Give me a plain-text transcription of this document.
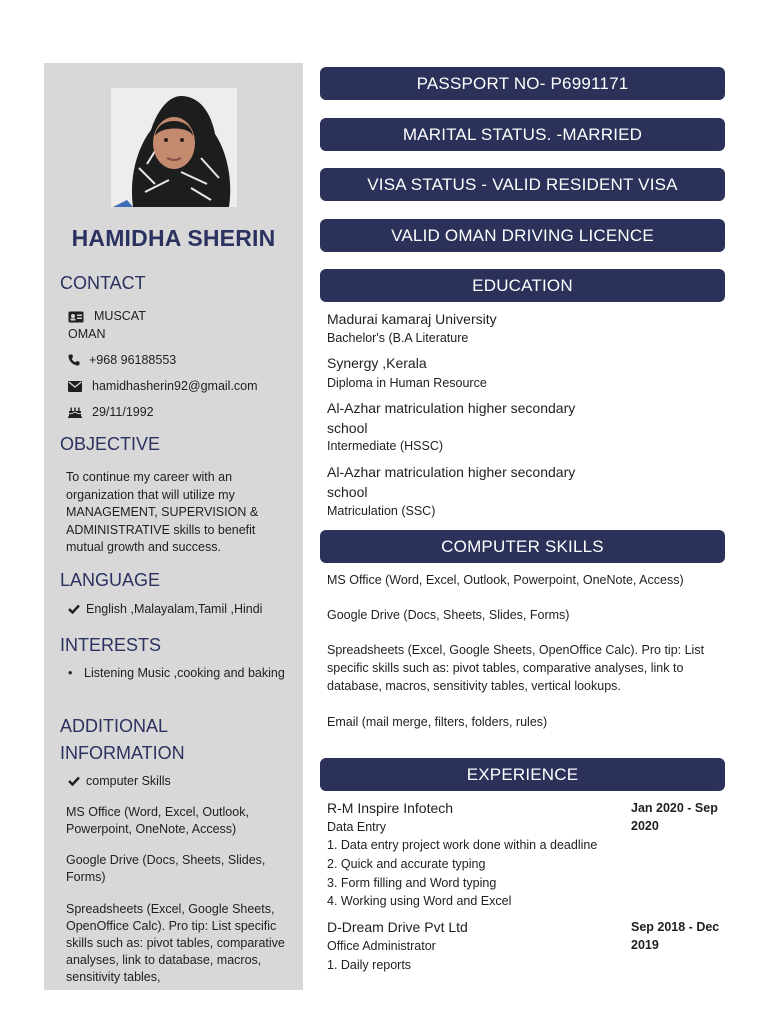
HAMIDHA SHERIN
CONTACT
MUSCAT
OMAN
+968 96188553
hamidhasherin92@gmail.com
29/11/1992
OBJECTIVE
To continue my career with an organization that will utilize my MANAGEMENT, SUPERVISION & ADMINISTRATIVE skills to benefit mutual growth and success.
LANGUAGE
English ,Malayalam,Tamil ,Hindi
INTERESTS
• Listening Music ,cooking and baking
ADDITIONAL
INFORMATION
computer Skills
MS Office (Word, Excel, Outlook, Powerpoint, OneNote, Access)
Google Drive (Docs, Sheets, Slides, Forms)
Spreadsheets (Excel, Google Sheets, OpenOffice Calc). Pro tip: List specific skills such as: pivot tables, comparative analyses, link to database, macros, sensitivity tables,
PASSPORT NO- P6991171
MARITAL STATUS. -MARRIED
VISA STATUS - VALID RESIDENT VISA
VALID OMAN DRIVING LICENCE
EDUCATION
Madurai kamaraj University
Bachelor's (B.A Literature
Synergy ,Kerala
Diploma in Human Resource
Al-Azhar matriculation higher secondary school
Intermediate (HSSC)
Al-Azhar matriculation higher secondary school
Matriculation (SSC)
COMPUTER SKILLS
MS Office (Word, Excel, Outlook, Powerpoint, OneNote, Access)
Google Drive (Docs, Sheets, Slides, Forms)
Spreadsheets (Excel, Google Sheets, OpenOffice Calc). Pro tip: List specific skills such as: pivot tables, comparative analyses, link to database, macros, sensitivity tables, vertical lookups.
Email (mail merge, filters, folders, rules)
EXPERIENCE
R-M Inspire Infotech	Jan 2020 - Sep 2020
Data Entry
1. Data entry project work done within a deadline
2. Quick and accurate typing
3. Form filling and Word typing
4. Working using Word and Excel
D-Dream Drive Pvt Ltd	Sep 2018 - Dec 2019
Office Administrator
1. Daily reports
